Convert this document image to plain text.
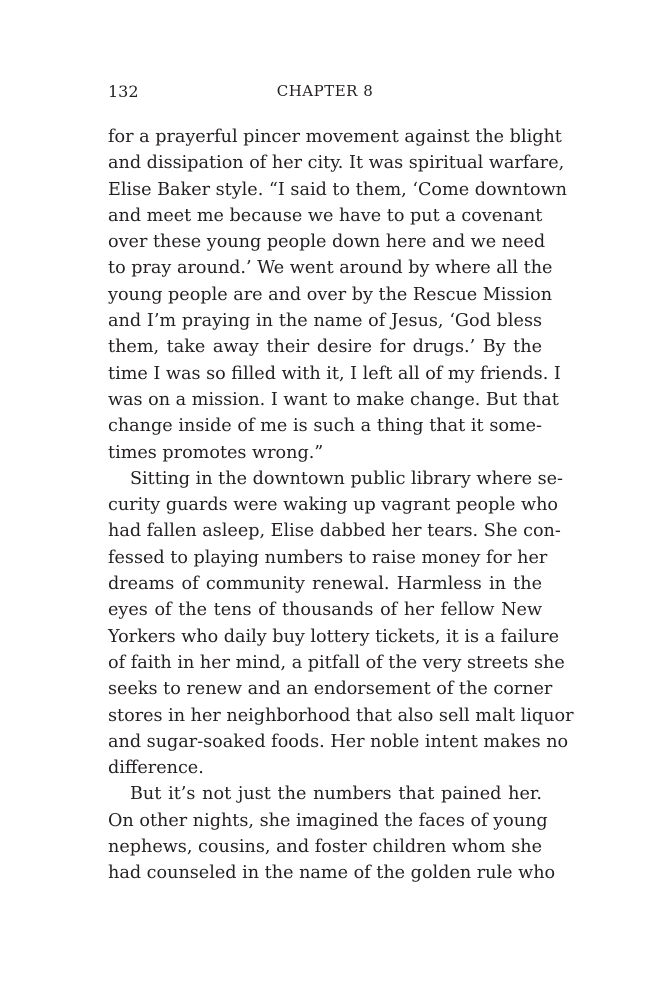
132	CHAPTER 8
for a prayerful pincer movement against the blight
and dissipation of her city. It was spiritual warfare,
Elise Baker style. “I said to them, ‘Come downtown
and meet me because we have to put a covenant
over these young people down here and we need
to pray around.’ We went around by where all the
young people are and over by the Rescue Mission
and I’m praying in the name of Jesus, ‘God bless
them, take away their desire for drugs.’ By the
time I was so filled with it, I left all of my friends. I
was on a mission. I want to make change. But that
change inside of me is such a thing that it some-
times promotes wrong.”
Sitting in the downtown public library where se-
curity guards were waking up vagrant people who
had fallen asleep, Elise dabbed her tears. She con-
fessed to playing numbers to raise money for her
dreams of community renewal. Harmless in the
eyes of the tens of thousands of her fellow New
Yorkers who daily buy lottery tickets, it is a failure
of faith in her mind, a pitfall of the very streets she
seeks to renew and an endorsement of the corner
stores in her neighborhood that also sell malt liquor
and sugar-soaked foods. Her noble intent makes no
difference.
But it’s not just the numbers that pained her.
On other nights, she imagined the faces of young
nephews, cousins, and foster children whom she
had counseled in the name of the golden rule who
